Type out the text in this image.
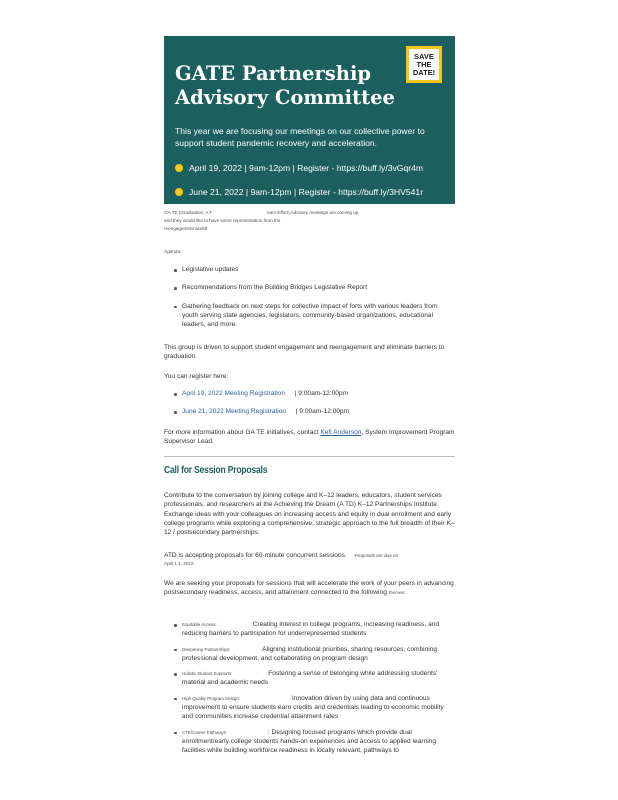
GATE Partnership
Advisory Committee
SAVE
THE
DATE!
This year we are focusing our meetings on our collective power to support student pandemic recovery and acceleration.
April 19, 2022 | 9am-12pm | Register - https://buff.ly/3vGqr4m
June 21, 2022 | 9am-12pm | Register - https://buff.ly/3HV541r
GA TE (Graduation: A T	eam Effort) Advisory meetings are coming up
and they would like to have some representation from the
reengagement world!
Agenda:
Legislative updates
Recommendations from the Building Bridges Legislative Report
Gathering feedback on next steps for collective impact ef forts with various leaders from youth serving state agencies, legislators, community-based organizations, educational leaders, and more.
This group is driven to support student engagement and reengagement and eliminate barriers to graduation.
You can register here:
April 19, 2022 Meeting Registration | 9:00am-12:00pm
June 21, 2022 Meeting Registration | 9:00am-12:00pm
For more information about GA TE initiatives, contact Kefi Anderson, System Improvement Program Supervisor Lead.
Call for Session Proposals
Contribute to the conversation by joining college and K–12 leaders, educators, student services professionals, and researchers at the Achieving the Dream (A TD) K–12 Partnerships Institute. Exchange ideas with your colleagues on increasing access and equity in dual enrollment and early college programs while exploring a comprehensive, strategic approach to the full breadth of their K–12 / postsecondary partnerships.
ATD is accepting proposals for 60-minute concurrent sessions. Proposals are due on
April 1 1, 2022.
We are seeking your proposals for sessions that will accelerate the work of your peers in advancing postsecondary readiness, access, and attainment connected to the following themes:
Equitable Access:	Creating interest in college programs, increasing readiness, and reducing barriers to participation for underrepresented students
Deepening Partnerships:	Aligning institutional priorities, sharing resources, combining professional development, and collaborating on program design
Holistic Student Supports:	Fostering a sense of belonging while addressing students' material and academic needs
High Quality Program Design:	Innovation driven by using data and continuous improvement to ensure students earn credits and credentials leading to economic mobility and communities increase credential attainment rates
CTE/Career Pathways	: Designing focused programs which provide dual enrollment/early college students hands-on experiences and access to applied learning facilities while building workforce readiness in locally relevant, pathways to
